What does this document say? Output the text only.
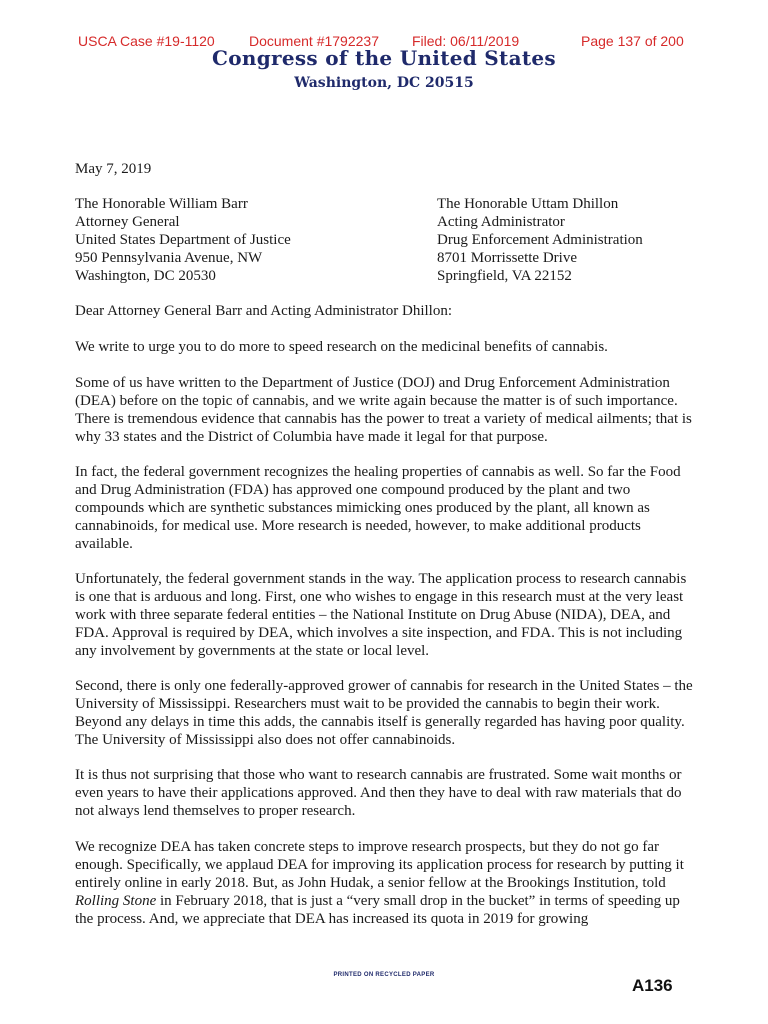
USCA Case #19-1120 Document #1792237 Filed: 06/11/2019	Page 137 of 200
Congress of the United States
Washington, DC 20515
May 7, 2019
The Honorable William Barr
Attorney General
United States Department of Justice
950 Pennsylvania Avenue, NW
Washington, DC 20530
The Honorable Uttam Dhillon
Acting Administrator
Drug Enforcement Administration
8701 Morrissette Drive
Springfield, VA 22152
Dear Attorney General Barr and Acting Administrator Dhillon:
We write to urge you to do more to speed research on the medicinal benefits of cannabis.
Some of us have written to the Department of Justice (DOJ) and Drug Enforcement Administration (DEA) before on the topic of cannabis, and we write again because the matter is of such importance. There is tremendous evidence that cannabis has the power to treat a variety of medical ailments; that is why 33 states and the District of Columbia have made it legal for that purpose.
In fact, the federal government recognizes the healing properties of cannabis as well. So far the Food and Drug Administration (FDA) has approved one compound produced by the plant and two compounds which are synthetic substances mimicking ones produced by the plant, all known as cannabinoids, for medical use. More research is needed, however, to make additional products available.
Unfortunately, the federal government stands in the way. The application process to research cannabis is one that is arduous and long. First, one who wishes to engage in this research must at the very least work with three separate federal entities – the National Institute on Drug Abuse (NIDA), DEA, and FDA. Approval is required by DEA, which involves a site inspection, and FDA. This is not including any involvement by governments at the state or local level.
Second, there is only one federally-approved grower of cannabis for research in the United States – the University of Mississippi. Researchers must wait to be provided the cannabis to begin their work. Beyond any delays in time this adds, the cannabis itself is generally regarded has having poor quality. The University of Mississippi also does not offer cannabinoids.
It is thus not surprising that those who want to research cannabis are frustrated. Some wait months or even years to have their applications approved. And then they have to deal with raw materials that do not always lend themselves to proper research.
We recognize DEA has taken concrete steps to improve research prospects, but they do not go far enough. Specifically, we applaud DEA for improving its application process for research by putting it entirely online in early 2018. But, as John Hudak, a senior fellow at the Brookings Institution, told Rolling Stone in February 2018, that is just a “very small drop in the bucket” in terms of speeding up the process. And, we appreciate that DEA has increased its quota in 2019 for growing
PRINTED ON RECYCLED PAPER
A136
